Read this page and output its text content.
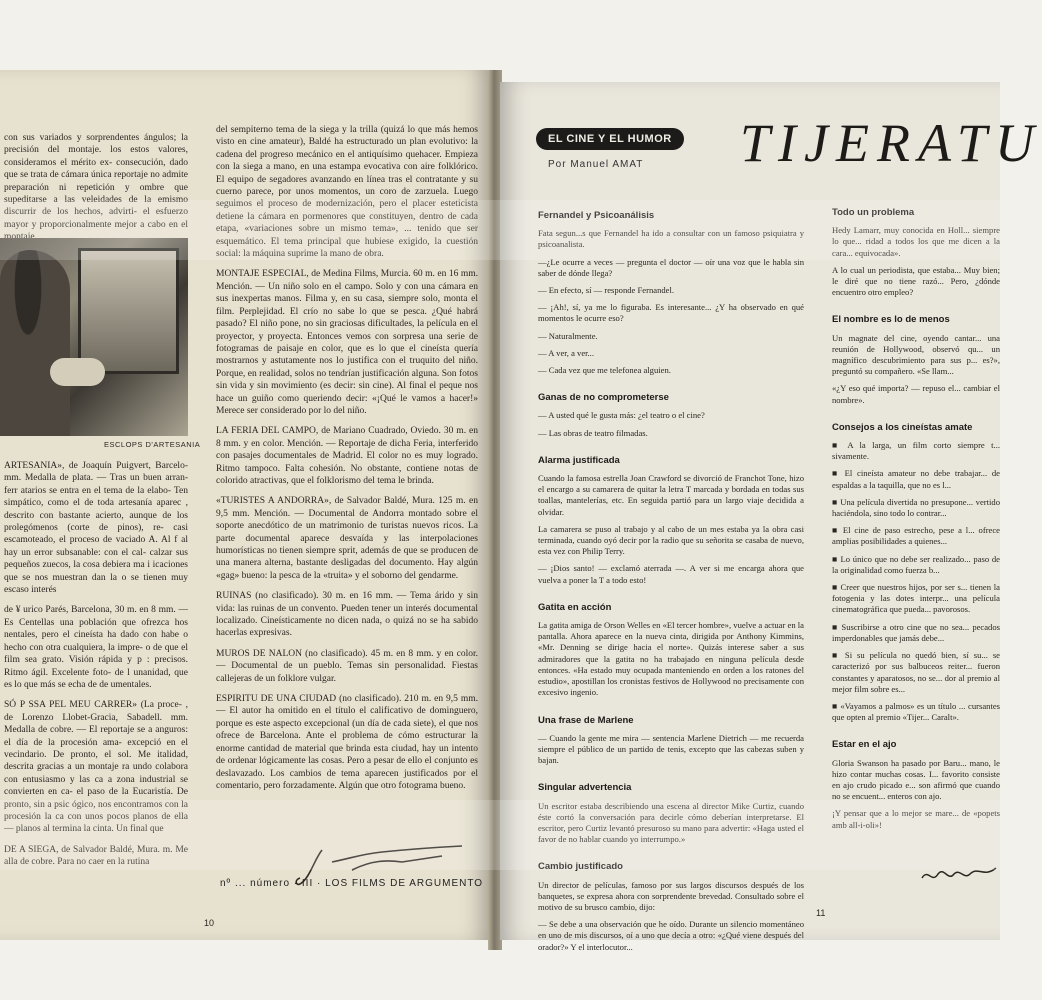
con sus variados y sorprendentes ángulos; la precisión del montaje. los estos valores, consideramos el mérito ex- consecución, dado que se trata de cámara única reportaje no admite preparación ni repetición y ombre que supeditarse a las veleidades de la emismo discurrir de los hechos, advirti- el esfuerzo mayor y proporcionalmente mejor a cabo en el

ESCLOPS D'ARTESANIA

ARTESANIA», de Joaquín Puigvert, Barcelo- mm. Medalla de plata. — Tras un buen arran- ferr atarios se entra en el tema de la elabo- Ten simpático, como el de toda artesanía aparec , descrito con bastante acierto, aunque de los prolegómenos (corte de pinos), re- casi escamoteado, el proceso de vaciado A. Al f al hay un error subsanable: con el cal- calzar sus pequeños zuecos, la cosa debiera ma i icaciones que se nos muestran dan la o se tienen muy escaso interés

de ¥ urico Parés, Barcelona, 30 m. en 8 mm. — Es Centellas una población que ofrezca hos nentales, pero el cineísta ha dado con habe o hecho con otra cualquiera, la impre- o de que el film sea grato. Visión rápida y p : precisos. Ritmo ágil. Excelente foto- de l unanidad, que es lo que más se echa de de umentales.

SÓ P SSA PEL MEU CARRER» (La proce- , de Lorenzo Llobet-Gracia, Sabadell. mm. Medalla de cobre. — El reportaje se a anguros: el día de la procesión ama- excepció en el vecindario. De pronto, el sol. Me italidad, descrita gracias a un montaje ra undo colabora con entusiasmo y las ca a zona industrial se convierten en ca- el paso de la Eucaristía. De pronto, sin a psic ógico, nos encontramos con la procesión la ca con unos pocos planos de ella — planos al termina la cinta. Un final que

DE A SIEGA, de Salvador Baldé, Mura. m. Me alla de cobre. Para no caer en la rutina

del sempiterno tema de la siega y la trilla (quizá lo que más hemos visto en cine amateur), Baldé ha estructurado un plan evolutivo: la cadena del progreso mecánico en el antiquísimo quehacer. Empieza con la siega a mano, en una estampa evocativa con aire folklórico. El equipo de segadores avanzando en línea tras el contratante y su cuerno parece, por unos momentos, un coro de zarzuela. Luego seguimos el proceso de modernización, pero el placer esteticista detiene la cámara en pormenores que constituyen, dentro de cada etapa, «variaciones sobre un mismo tema», ... tenido que ser esquemático. El tema principal que hubiese exigido, la cuestión social: la máquina suprime la mano de obra.

MONTAJE ESPECIAL, de Medina Films, Murcia. 60 m. en 16 mm. Mención. — Un niño solo en el campo. Solo y con una cámara en sus inexpertas manos. Filma y, en su casa, siempre solo, monta el film. Perplejidad. El crío no sabe lo que se pesca. ¿Qué habrá pasado? El niño pone, no sin graciosas dificultades, la película en el proyector, y proyecta. Entonces vemos con sorpresa una serie de fotogramas de paisaje en color, que es lo que el cineísta quería mostrarnos y astutamente nos lo justifica con el truquito del niño. Porque, en realidad, solos no tendrían justificación alguna. Son fotos sin vida y sin movimiento (es decir: sin cine). Al final el peque nos hace un guiño como queriendo decir: «¡Qué le vamos a hacer!» Merece ser considerado por lo del niño.

LA FERIA DEL CAMPO, de Mariano Cuadrado, Oviedo. 30 m. en 8 mm. y en color. Mención. — Reportaje de dicha Feria, interferido con pasajes documentales de Madrid. El color no es muy logrado. Ritmo tampoco. Falta cohesión. No obstante, contiene notas de colorido atractivas, que el folklorismo del tema le brinda.

«TURISTES A ANDORRA», de Salvador Baldé, Mura. 125 m. en 9,5 mm. Mención. — Documental de Andorra montado sobre el soporte anecdótico de un matrimonio de turistas nuevos ricos. La parte documental aparece desvaída y las interpolaciones humorísticas no tienen siempre sprit, además de que se producen de una manera alterna, bastante desligadas del documento. Hay algún «gag» bueno: la pesca de la «truita» y el soborno del gendarme.

RUINAS (no clasificado). 30 m. en 16 mm. — Tema árido y sin vida: las ruinas de un convento. Pueden tener un interés documental localizado. Cineísticamente no dicen nada, o quizá no se ha sabido hacerlas expresivas.

MUROS DE NALON (no clasificado). 45 m. en 8 mm. y en color. — Documental de un pueblo. Temas sin personalidad. Fiestas callejeras de un folklore vulgar.

ESPIRITU DE UNA CIUDAD (no clasificado). 210 m. en 9,5 mm. — El autor ha omitido en el título el calificativo de dominguero, porque es este aspecto excepcional (un día de cada siete), el que nos ofrece de Barcelona. Ante el problema de cómo estructurar la enorme cantidad de material que brinda esta ciudad, hay un intento de ordenar lógicamente las cosas. Pero a pesar de ello el conjunto es deslavazado. Los cambios de tema aparecen justificados por el comentario, pero forzadamente. Algún que otro fotograma bueno.

nº ... número · III · LOS FILMS DE ARGUMENTO
10
Fernandel y Psicoanálisis

Fata segun...s que Fernandel ha ido a consultar con un famoso psiquiatra y psicoanalista.

—¿Le ocurre a veces — pregunta el doctor — oír una voz que le habla sin saber de dónde llega?

— En efecto, sí — responde Fernandel.

— ¡Ah!, sí, ya me lo figuraba. Es interesante... ¿Y ha observado en qué momentos le ocurre eso?

— Naturalmente.

— A ver, a ver...

— Cada vez que me telefonea alguien.

Ganas de no comprometerse

— A usted qué le gusta más: ¿el teatro o el cine?

— Las obras de teatro filmadas.

Alarma justificada

Cuando la famosa estrella Joan Crawford se divorció de Franchot Tone, hizo el encargo a su camarera de quitar la letra T marcada y bordada en todas sus toallas, mantelerías, etc. En seguida partió para un largo viaje decidida a olvidar.

La camarera se puso al trabajo y al cabo de un mes estaba ya la obra casi terminada, cuando oyó decir por la radio que su señorita se casaba de nuevo, esta vez con Philip Terry.

— ¡Dios santo! — exclamó aterrada —. A ver si me encarga ahora que vuelva a poner la T a todo esto!

Gatita en acción

La gatita amiga de Orson Welles en «El tercer hombre», vuelve a actuar en la pantalla. Ahora aparece en la nueva cinta, dirigida por Anthony Kimmins, «Mr. Denning se dirige hacia el norte». Quizás interese saber a sus admiradores que la gatita no ha trabajado en ninguna película desde entonces. «Ha estado muy ocupada manteniendo en orden a los ratones del estudio», apostillan los cronistas festivos de Hollywood no precisamente con excesivo ingenio.

Una frase de Marlene

— Cuando la gente me mira — sentencia Marlene Dietrich — me recuerda siempre el público de un partido de tenis, excepto que las cabezas suben y bajan.

Singular advertencia

Un escritor estaba describiendo una escena al director Mike Curtiz, cuando éste cortó la conversación para decirle cómo deberían interpretarse. El escritor, pero Curtiz levantó presuroso su mano para advertir: «Haga usted el favor de no hablar cuando yo interrumpo.»

Cambio justificado

Un director de películas, famoso por sus largos discursos después de los banquetes, se expresa ahora con sorprendente brevedad. Consultado sobre el motivo de su brusco cambio, dijo:

— Se debe a una observación que he oído. Durante un silencio momentáneo en uno de mis discursos, oí a uno que decía a otro: «¿Qué viene después del orador?» Y el interlocutor...

Todo un problema

Hedy Lamarr, muy conocida en Holl... siempre lo que... ridad a todos los que me dicen a la cara... equivocada».

A lo cual un periodista, que estaba... Muy bien; le diré que no tiene razó... Pero, ¿dónde encuentro otro empleo?

El nombre es lo de menos

Un magnate del cine, oyendo cantar... una reunión de Hollywood, observó qu... un magnífico descubrimiento para sus p... es?», preguntó su compañero. «Se llam...

«¿Y eso qué importa? — repuso el... cambiar el nombre».

Consejos a los cineístas amate

■ A la larga, un film corto siempre t... sivamente.

■ El cineísta amateur no debe trabajar... de espaldas a la taquilla, que no es l...

■ Una película divertida no presupone... vertido haciéndola, sino todo lo contrar...

■ El cine de paso estrecho, pese a l... ofrece amplias posibilidades a quienes...

■ Lo único que no debe ser realizado... paso de la originalidad como fuerza b...

■ Creer que nuestros hijos, por ser s... tienen la fotogenia y las dotes interpr... una película cinematográfica que pueda... pavorosos.

■ Suscribirse a otro cine que no sea... pecados imperdonables que jamás debe...

■ Si su película no quedó bien, sí su... se caracterizó por sus balbuceos reiter... fueron constantes y aparatosos, no se... dor al premio al mejor film sobre es...

■ «Vayamos a palmos» es un título ... cursantes que opten al premio «Tijer... Caralt».

Estar en el ajo

Gloria Swanson ha pasado por Baru... mano, le hizo contar muchas cosas. I... favorito consiste en ajo crudo picado e... son afirmó que cuando no se encuent... enteros con ajo.

¡Y pensar que a lo mejor se mare... de «popets amb all-i-oli»!

11
EL CINE Y EL HUMOR
Por Manuel AMAT TIJERATU
